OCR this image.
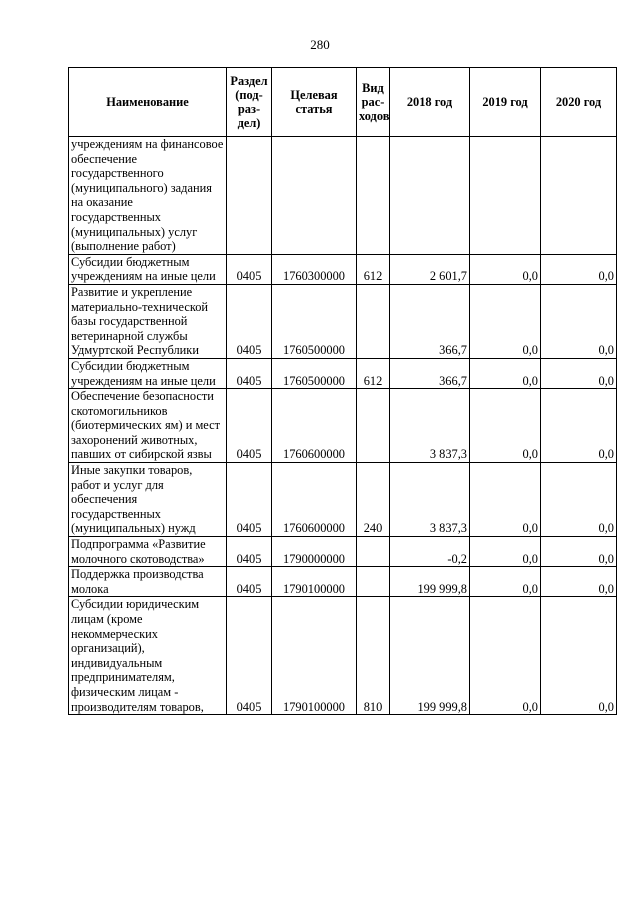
280
Наименование	Раздел (под-раз-дел)	Целевая статья	Вид рас-ходов	2018 год	2019 год	2020 год
учреждениям на финансовое обеспечение государственного (муниципального) задания на оказание государственных (муниципальных) услуг (выполнение работ)						
Субсидии бюджетным учреждениям на иные цели	0405	1760300000	612	2 601,7	0,0	0,0
Развитие и укрепление материально-технической базы государственной ветеринарной службы Удмуртской Республики	0405	1760500000		366,7	0,0	0,0
Субсидии бюджетным учреждениям на иные цели	0405	1760500000	612	366,7	0,0	0,0
Обеспечение безопасности скотомогильников (биотермических ям) и мест захоронений животных, павших от сибирской язвы	0405	1760600000		3 837,3	0,0	0,0
Иные закупки товаров, работ и услуг для обеспечения государственных (муниципальных) нужд	0405	1760600000	240	3 837,3	0,0	0,0
Подпрограмма «Развитие молочного скотоводства»	0405	1790000000		-0,2	0,0	0,0
Поддержка производства молока	0405	1790100000		199 999,8	0,0	0,0
Субсидии юридическим лицам (кроме некоммерческих организаций), индивидуальным предпринимателям, физическим лицам - производителям товаров,	0405	1790100000	810	199 999,8	0,0	0,0
